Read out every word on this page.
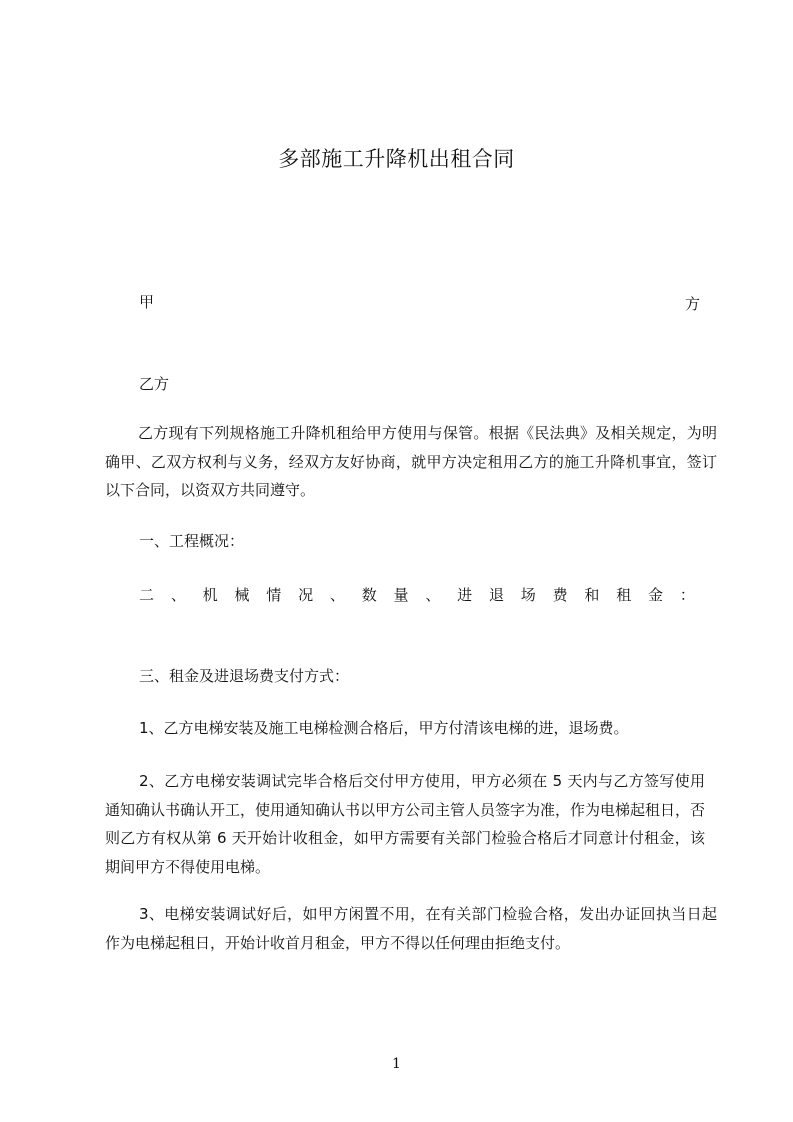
多部施工升降机出租合同
甲	方
乙方
乙方现有下列规格施工升降机租给甲方使用与保管。根据《民法典》及相关规定，为明确甲、乙双方权利与义务，经双方友好协商，就甲方决定租用乙方的施工升降机事宜，签订以下合同，以资双方共同遵守。
一、工程概况：
二 、 机 械 情 况 、 数 量 、 进 退 场 费 和 租 金 ：
三、租金及进退场费支付方式：
1、乙方电梯安装及施工电梯检测合格后，甲方付清该电梯的进，退场费。
2、乙方电梯安装调试完毕合格后交付甲方使用，甲方必须在 5 天内与乙方签写使用通知确认书确认开工，使用通知确认书以甲方公司主管人员签字为准，作为电梯起租日，否则乙方有权从第 6 天开始计收租金，如甲方需要有关部门检验合格后才同意计付租金，该期间甲方不得使用电梯。
3、电梯安装调试好后，如甲方闲置不用，在有关部门检验合格，发出办证回执当日起作为电梯起租日，开始计收首月租金，甲方不得以任何理由拒绝支付。
1
